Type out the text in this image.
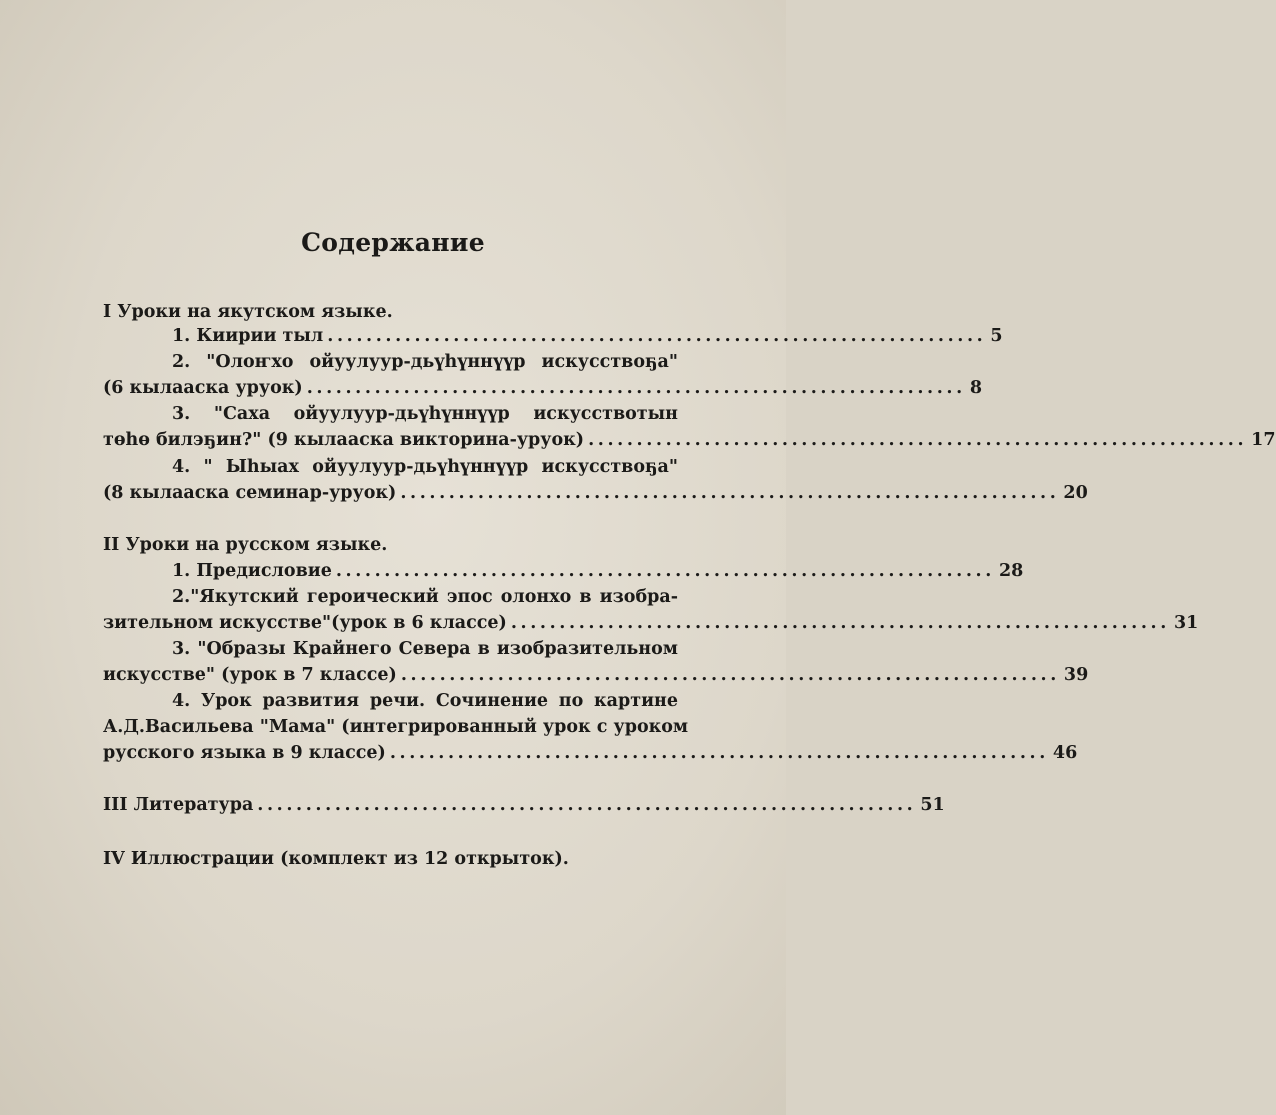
Содержание
I Уроки на якутском языке.
1. Киирии тыл .................................................................... 5
2. "Олоҥхо ойуулуур-дьүһүннүүр искусствоҕа"
(6 кылааска уруок) .................................................................... 8
3. "Саха ойуулуур-дьүһүннүүр искусствотын
төһө билэҕин?" (9 кылааска викторина-уруок) .................................................................... 17
4. " Ыһыах ойуулуур-дьүһүннүүр искусствоҕа"
(8 кылааска семинар-уруок) .................................................................... 20
II Уроки на русском языке.
1. Предисловие .................................................................... 28
2."Якутский героический эпос олонхо в изобра-
зительном искусстве"(урок в 6 классе) .................................................................... 31
3. "Образы Крайнего Севера в изобразительном
искусстве" (урок в 7 классе) .................................................................... 39
4. Урок развития речи. Сочинение по картине
А.Д.Васильева "Мама" (интегрированный урок с уроком
русского языка в 9 классе) .................................................................... 46
III Литература .................................................................... 51
IV Иллюстрации (комплект из 12 открыток).
